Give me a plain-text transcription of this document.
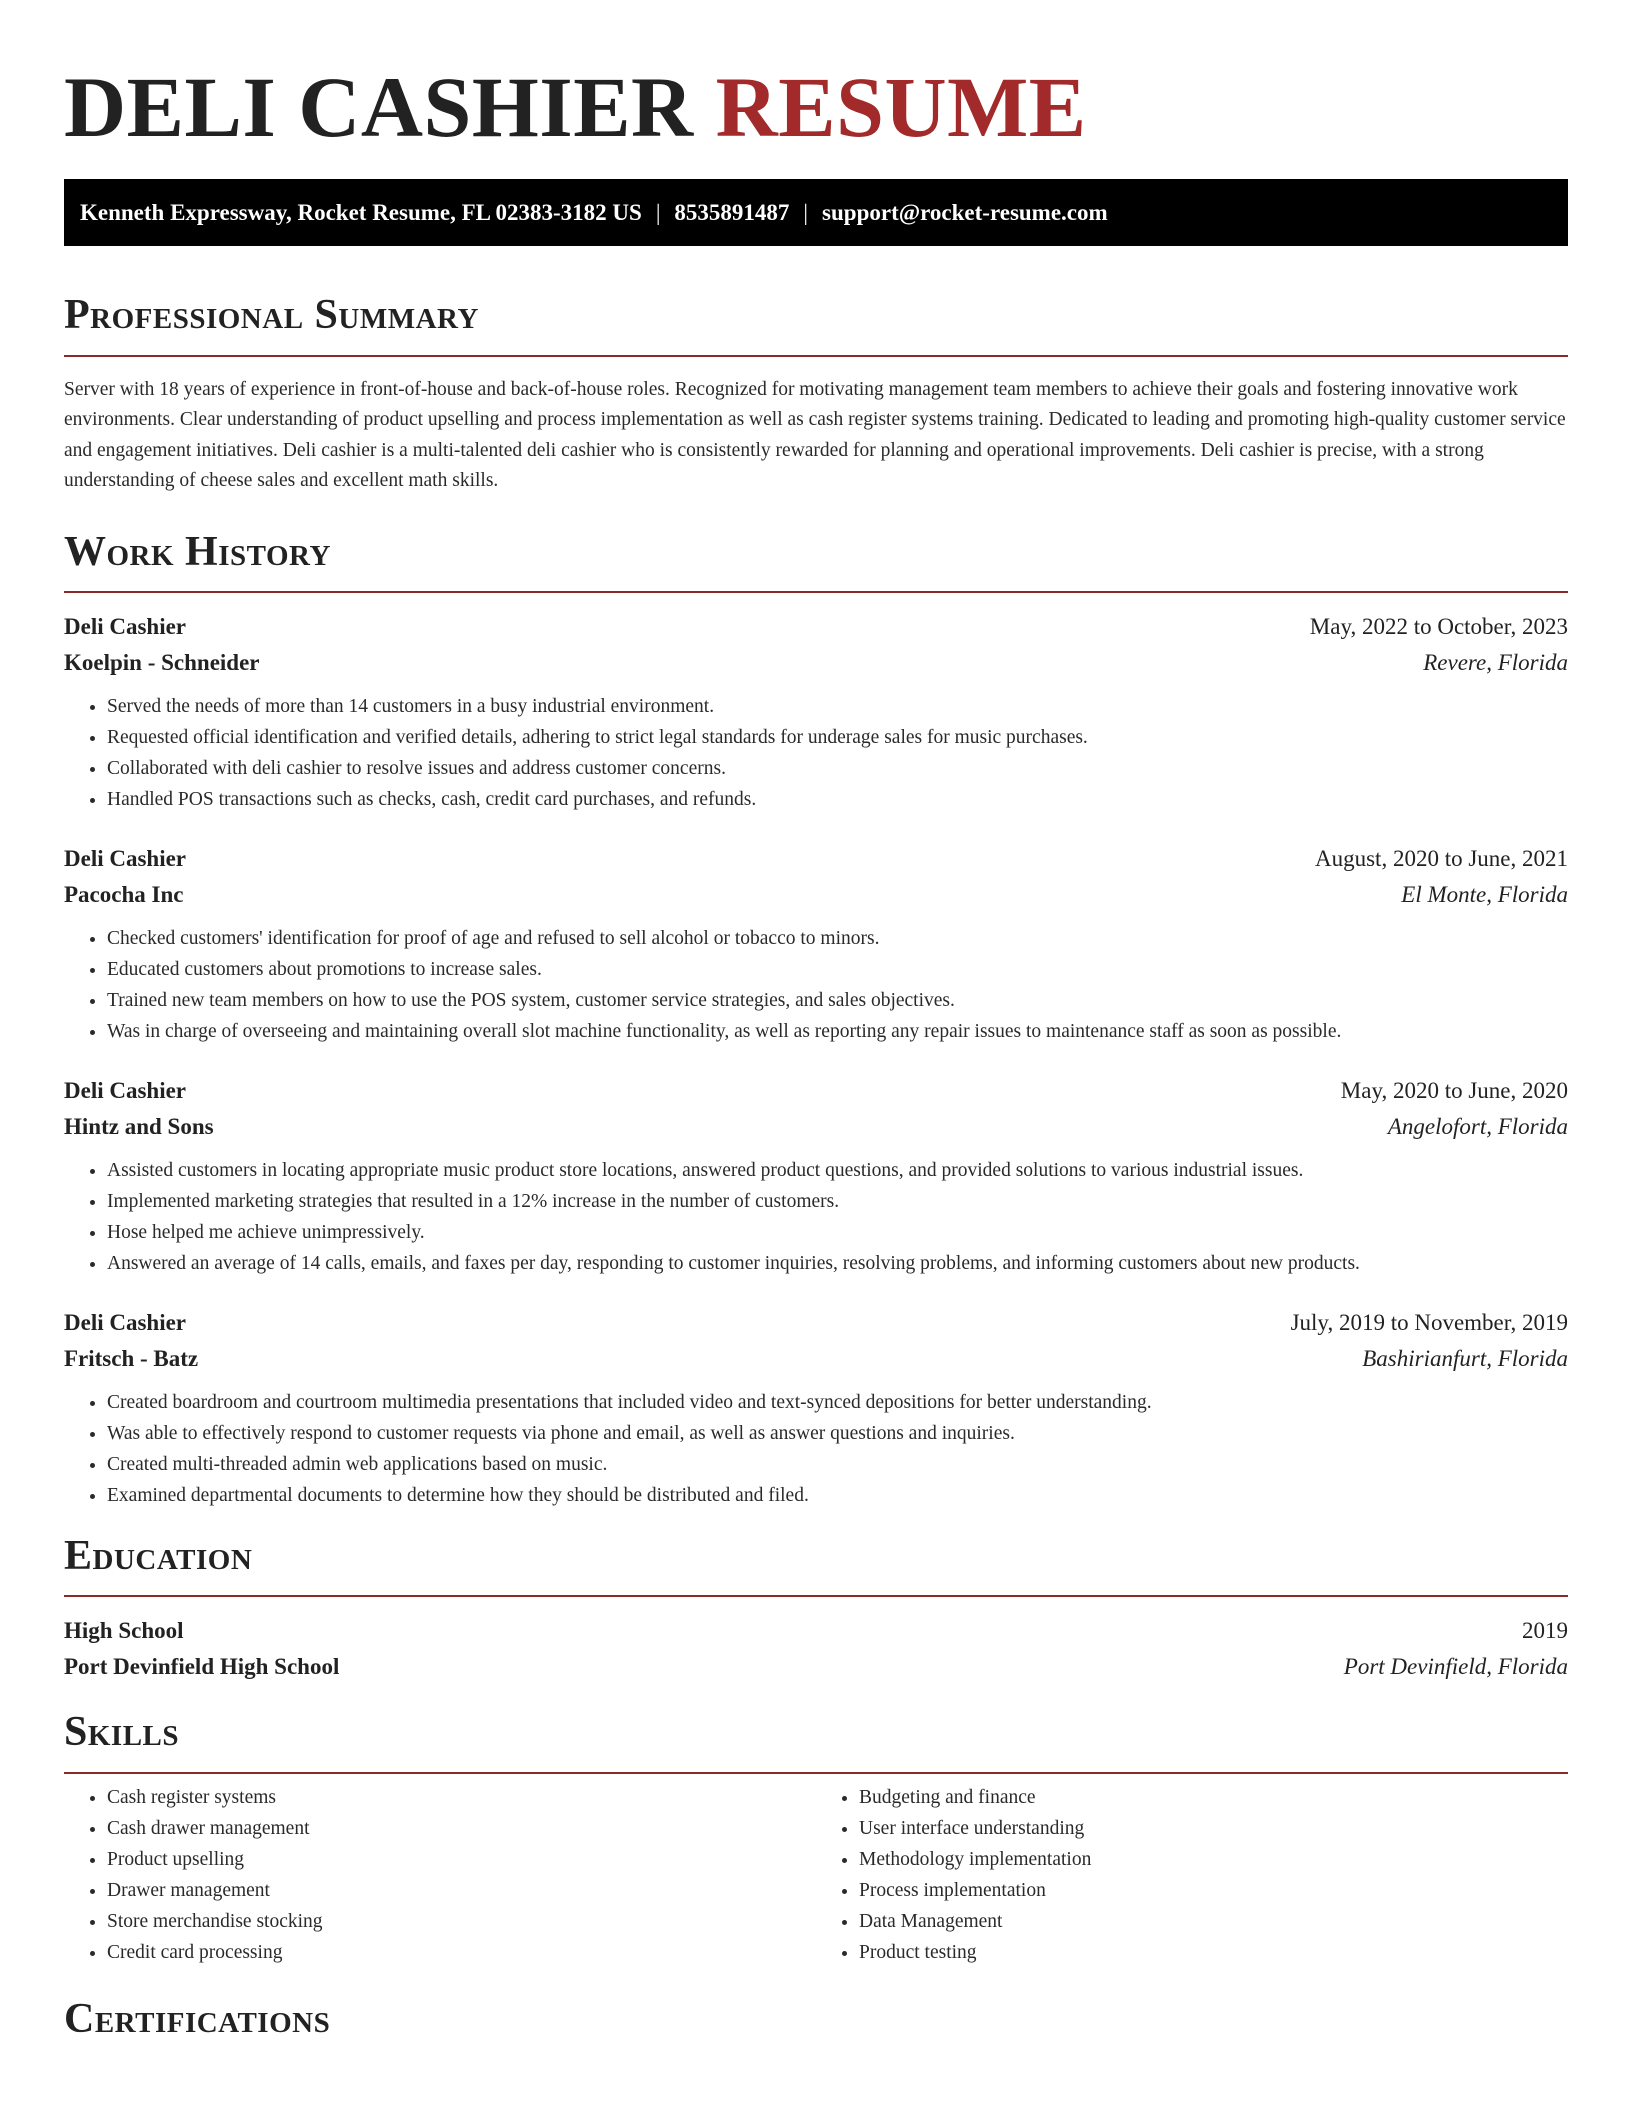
DELI CASHIER RESUME
Kenneth Expressway, Rocket Resume, FL 02383-3182 US | 8535891487 | support@rocket-resume.com
Professional Summary

Server with 18 years of experience in front-of-house and back-of-house roles. Recognized for motivating management team members to achieve their goals and fostering innovative work environments. Clear understanding of product upselling and process implementation as well as cash register systems training. Dedicated to leading and promoting high-quality customer service and engagement initiatives. Deli cashier is a multi-talented deli cashier who is consistently rewarded for planning and operational improvements. Deli cashier is precise, with a strong understanding of cheese sales and excellent math skills.

Work History
Deli Cashier	May, 2022 to October, 2023
Koelpin - Schneider	Revere, Florida
• Served the needs of more than 14 customers in a busy industrial environment.
• Requested official identification and verified details, adhering to strict legal standards for underage sales for music purchases.
• Collaborated with deli cashier to resolve issues and address customer concerns.
• Handled POS transactions such as checks, cash, credit card purchases, and refunds.
Deli Cashier	August, 2020 to June, 2021
Pacocha Inc	El Monte, Florida
• Checked customers' identification for proof of age and refused to sell alcohol or tobacco to minors.
• Educated customers about promotions to increase sales.
• Trained new team members on how to use the POS system, customer service strategies, and sales objectives.
• Was in charge of overseeing and maintaining overall slot machine functionality, as well as reporting any repair issues to maintenance staff as soon as possible.
Deli Cashier	May, 2020 to June, 2020
Hintz and Sons	Angelofort, Florida
• Assisted customers in locating appropriate music product store locations, answered product questions, and provided solutions to various industrial issues.
• Implemented marketing strategies that resulted in a 12% increase in the number of customers.
• Hose helped me achieve unimpressively.
• Answered an average of 14 calls, emails, and faxes per day, responding to customer inquiries, resolving problems, and informing customers about new products.
Deli Cashier	July, 2019 to November, 2019
Fritsch - Batz	Bashirianfurt, Florida
• Created boardroom and courtroom multimedia presentations that included video and text-synced depositions for better understanding.
• Was able to effectively respond to customer requests via phone and email, as well as answer questions and inquiries.
• Created multi-threaded admin web applications based on music.
• Examined departmental documents to determine how they should be distributed and filed.
Education
High School	2019
Port Devinfield High School	Port Devinfield, Florida
Skills
• Cash register systems
• Cash drawer management
• Product upselling
• Drawer management
• Store merchandise stocking
• Credit card processing
• Budgeting and finance
• User interface understanding
• Methodology implementation
• Process implementation
• Data Management
• Product testing
Certifications
